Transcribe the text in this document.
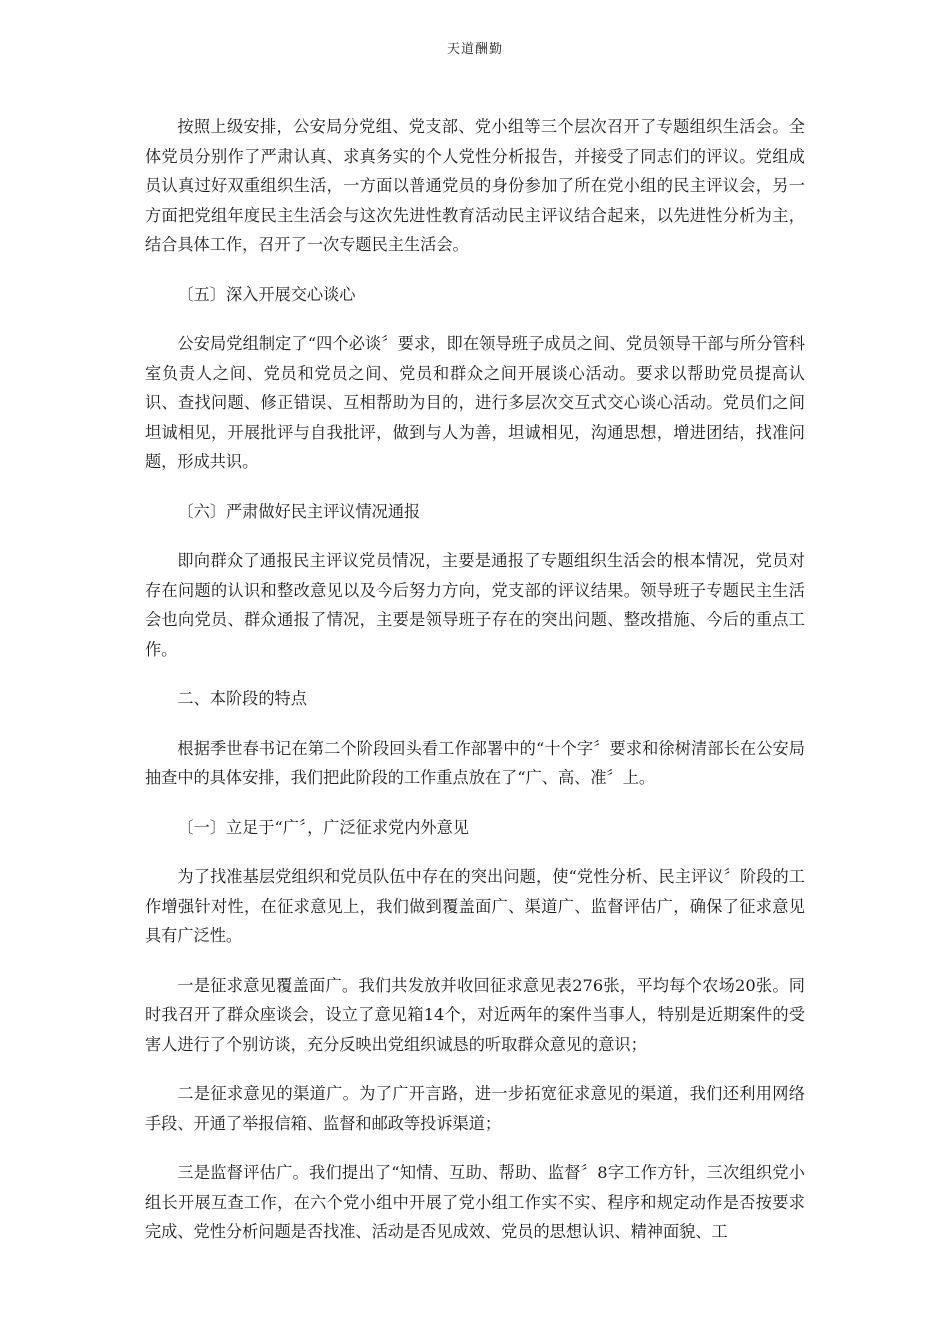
天道酬勤

按照上级安排，公安局分党组、党支部、党小组等三个层次召开了专题组织生活会。全体党员分别作了严肃认真、求真务实的个人党性分析报告，并接受了同志们的评议。党组成员认真过好双重组织生活，一方面以普通党员的身份参加了所在党小组的民主评议会，另一方面把党组年度民主生活会与这次先进性教育活动民主评议结合起来，以先进性分析为主，结合具体工作，召开了一次专题民主生活会。

〔五〕深入开展交心谈心

公安局党组制定了“四个必谈〞要求，即在领导班子成员之间、党员领导干部与所分管科室负责人之间、党员和党员之间、党员和群众之间开展谈心活动。要求以帮助党员提高认识、查找问题、修正错误、互相帮助为目的，进行多层次交互式交心谈心活动。党员们之间坦诚相见，开展批评与自我批评，做到与人为善，坦诚相见，沟通思想，增进团结，找准问题，形成共识。

〔六〕严肃做好民主评议情况通报

即向群众了通报民主评议党员情况，主要是通报了专题组织生活会的根本情况，党员对存在问题的认识和整改意见以及今后努力方向，党支部的评议结果。领导班子专题民主生活会也向党员、群众通报了情况，主要是领导班子存在的突出问题、整改措施、今后的重点工作。

二、本阶段的特点

根据季世春书记在第二个阶段回头看工作部署中的“十个字〞要求和徐树清部长在公安局抽查中的具体安排，我们把此阶段的工作重点放在了“广、高、准〞上。

〔一〕立足于“广〞，广泛征求党内外意见

为了找准基层党组织和党员队伍中存在的突出问题，使“党性分析、民主评议〞阶段的工作增强针对性，在征求意见上，我们做到覆盖面广、渠道广、监督评估广，确保了征求意见具有广泛性。

一是征求意见覆盖面广。我们共发放并收回征求意见表276张，平均每个农场20张。同时我召开了群众座谈会，设立了意见箱14个，对近两年的案件当事人，特别是近期案件的受害人进行了个别访谈，充分反映出党组织诚恳的听取群众意见的意识；

二是征求意见的渠道广。为了广开言路，进一步拓宽征求意见的渠道，我们还利用网络手段、开通了举报信箱、监督和邮政等投诉渠道；

三是监督评估广。我们提出了“知情、互助、帮助、监督〞8字工作方针，三次组织党小组长开展互查工作，在六个党小组中开展了党小组工作实不实、程序和规定动作是否按要求完成、党性分析问题是否找准、活动是否见成效、党员的思想认识、精神面貌、工
